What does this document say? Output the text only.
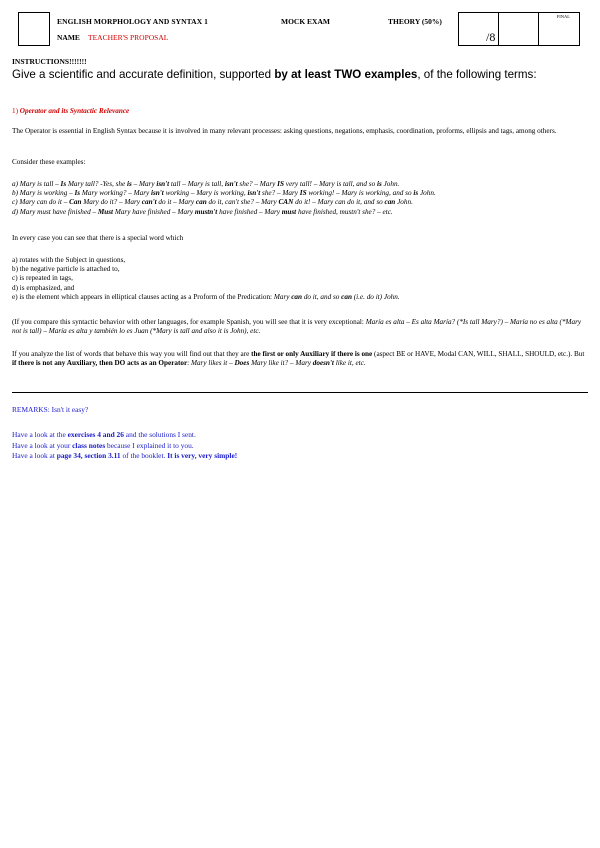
ENGLISH MORPHOLOGY AND SYNTAX 1	MOCK EXAM	THEORY (50%)
NAME TEACHER'S PROPOSAL	/8
FINAL
INSTRUCTIONS!!!!!!!
Give a scientific and accurate definition, supported by at least TWO examples, of the following terms:
1) Operator and its Syntactic Relevance
The Operator is essential in English Syntax because it is involved in many relevant processes: asking questions, negations, emphasis, coordination, proforms, ellipsis and tags, among others.
Consider these examples:
a) Mary is tall – Is Mary tall? -Yes, she is – Mary isn't tall – Mary is tall, isn't she? – Mary IS very tall! – Mary is tall, and so is John.
b) Mary is working – Is Mary working? – Mary isn't working – Mary is working, isn't she? – Mary IS working! – Mary is working, and so is John.
c) Mary can do it – Can Mary do it? – Mary can't do it – Mary can do it, can't she? – Mary CAN do it! – Mary can do it, and so can John.
d) Mary must have finished – Must Mary have finished – Mary mustn't have finished – Mary must have finished, mustn't she? – etc.
In every case you can see that there is a special word which
a) rotates with the Subject in questions,
b) the negative particle is attached to,
c) is repeated in tags,
d) is emphasized, and
e) is the element which appears in elliptical clauses acting as a Proform of the Predication: Mary can do it, and so can (i.e. do it) John.
(If you compare this syntactic behavior with other languages, for example Spanish, you will see that it is very exceptional: María es alta – Es alta María? (*Is tall Mary?) – María no es alta (*Mary not is tall) – María es alta y también lo es Juan (*Mary is tall and also it is John), etc.
If you analyze the list of words that behave this way you will find out that they are the first or only Auxiliary if there is one (aspect BE or HAVE, Modal CAN, WILL, SHALL, SHOULD, etc.). But if there is not any Auxiliary, then DO acts as an Operator: Mary likes it – Does Mary like it? – Mary doesn't like it, etc.
REMARKS: Isn't it easy?
Have a look at the exercises 4 and 26 and the solutions I sent.
Have a look at your class notes because I explained it to you.
Have a look at page 34, section 3.11 of the booklet. It is very, very simple!
